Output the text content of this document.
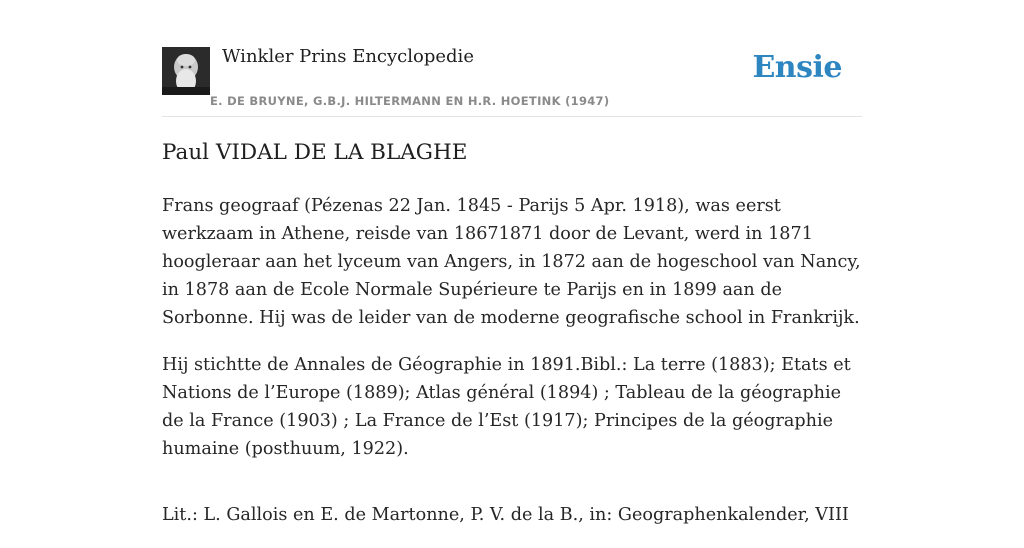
Winkler Prins Encyclopedie
E. DE BRUYNE, G.B.J. HILTERMANN EN H.R. HOETINK (1947)
Ensie
Paul VIDAL DE LA BLAGHE

Frans geograaf (Pézenas 22 Jan. 1845 - Parijs 5 Apr. 1918), was eerst werkzaam in Athene, reisde van 18671871 door de Levant, werd in 1871 hoogleraar aan het lyceum van Angers, in 1872 aan de hogeschool van Nancy, in 1878 aan de Ecole Normale Supérieure te Parijs en in 1899 aan de Sorbonne. Hij was de leider van de moderne geografische school in Frankrijk.

Hij stichtte de Annales de Géographie in 1891.Bibl.: La terre (1883); Etats et Nations de l’Europe (1889); Atlas général (1894) ; Tableau de la géographie de la France (1903) ; La France de l’Est (1917); Principes de la géographie humaine (posthuum, 1922).

Lit.: L. Gallois en E. de Martonne, P. V. de la B., in: Geographenkalender, VIII
